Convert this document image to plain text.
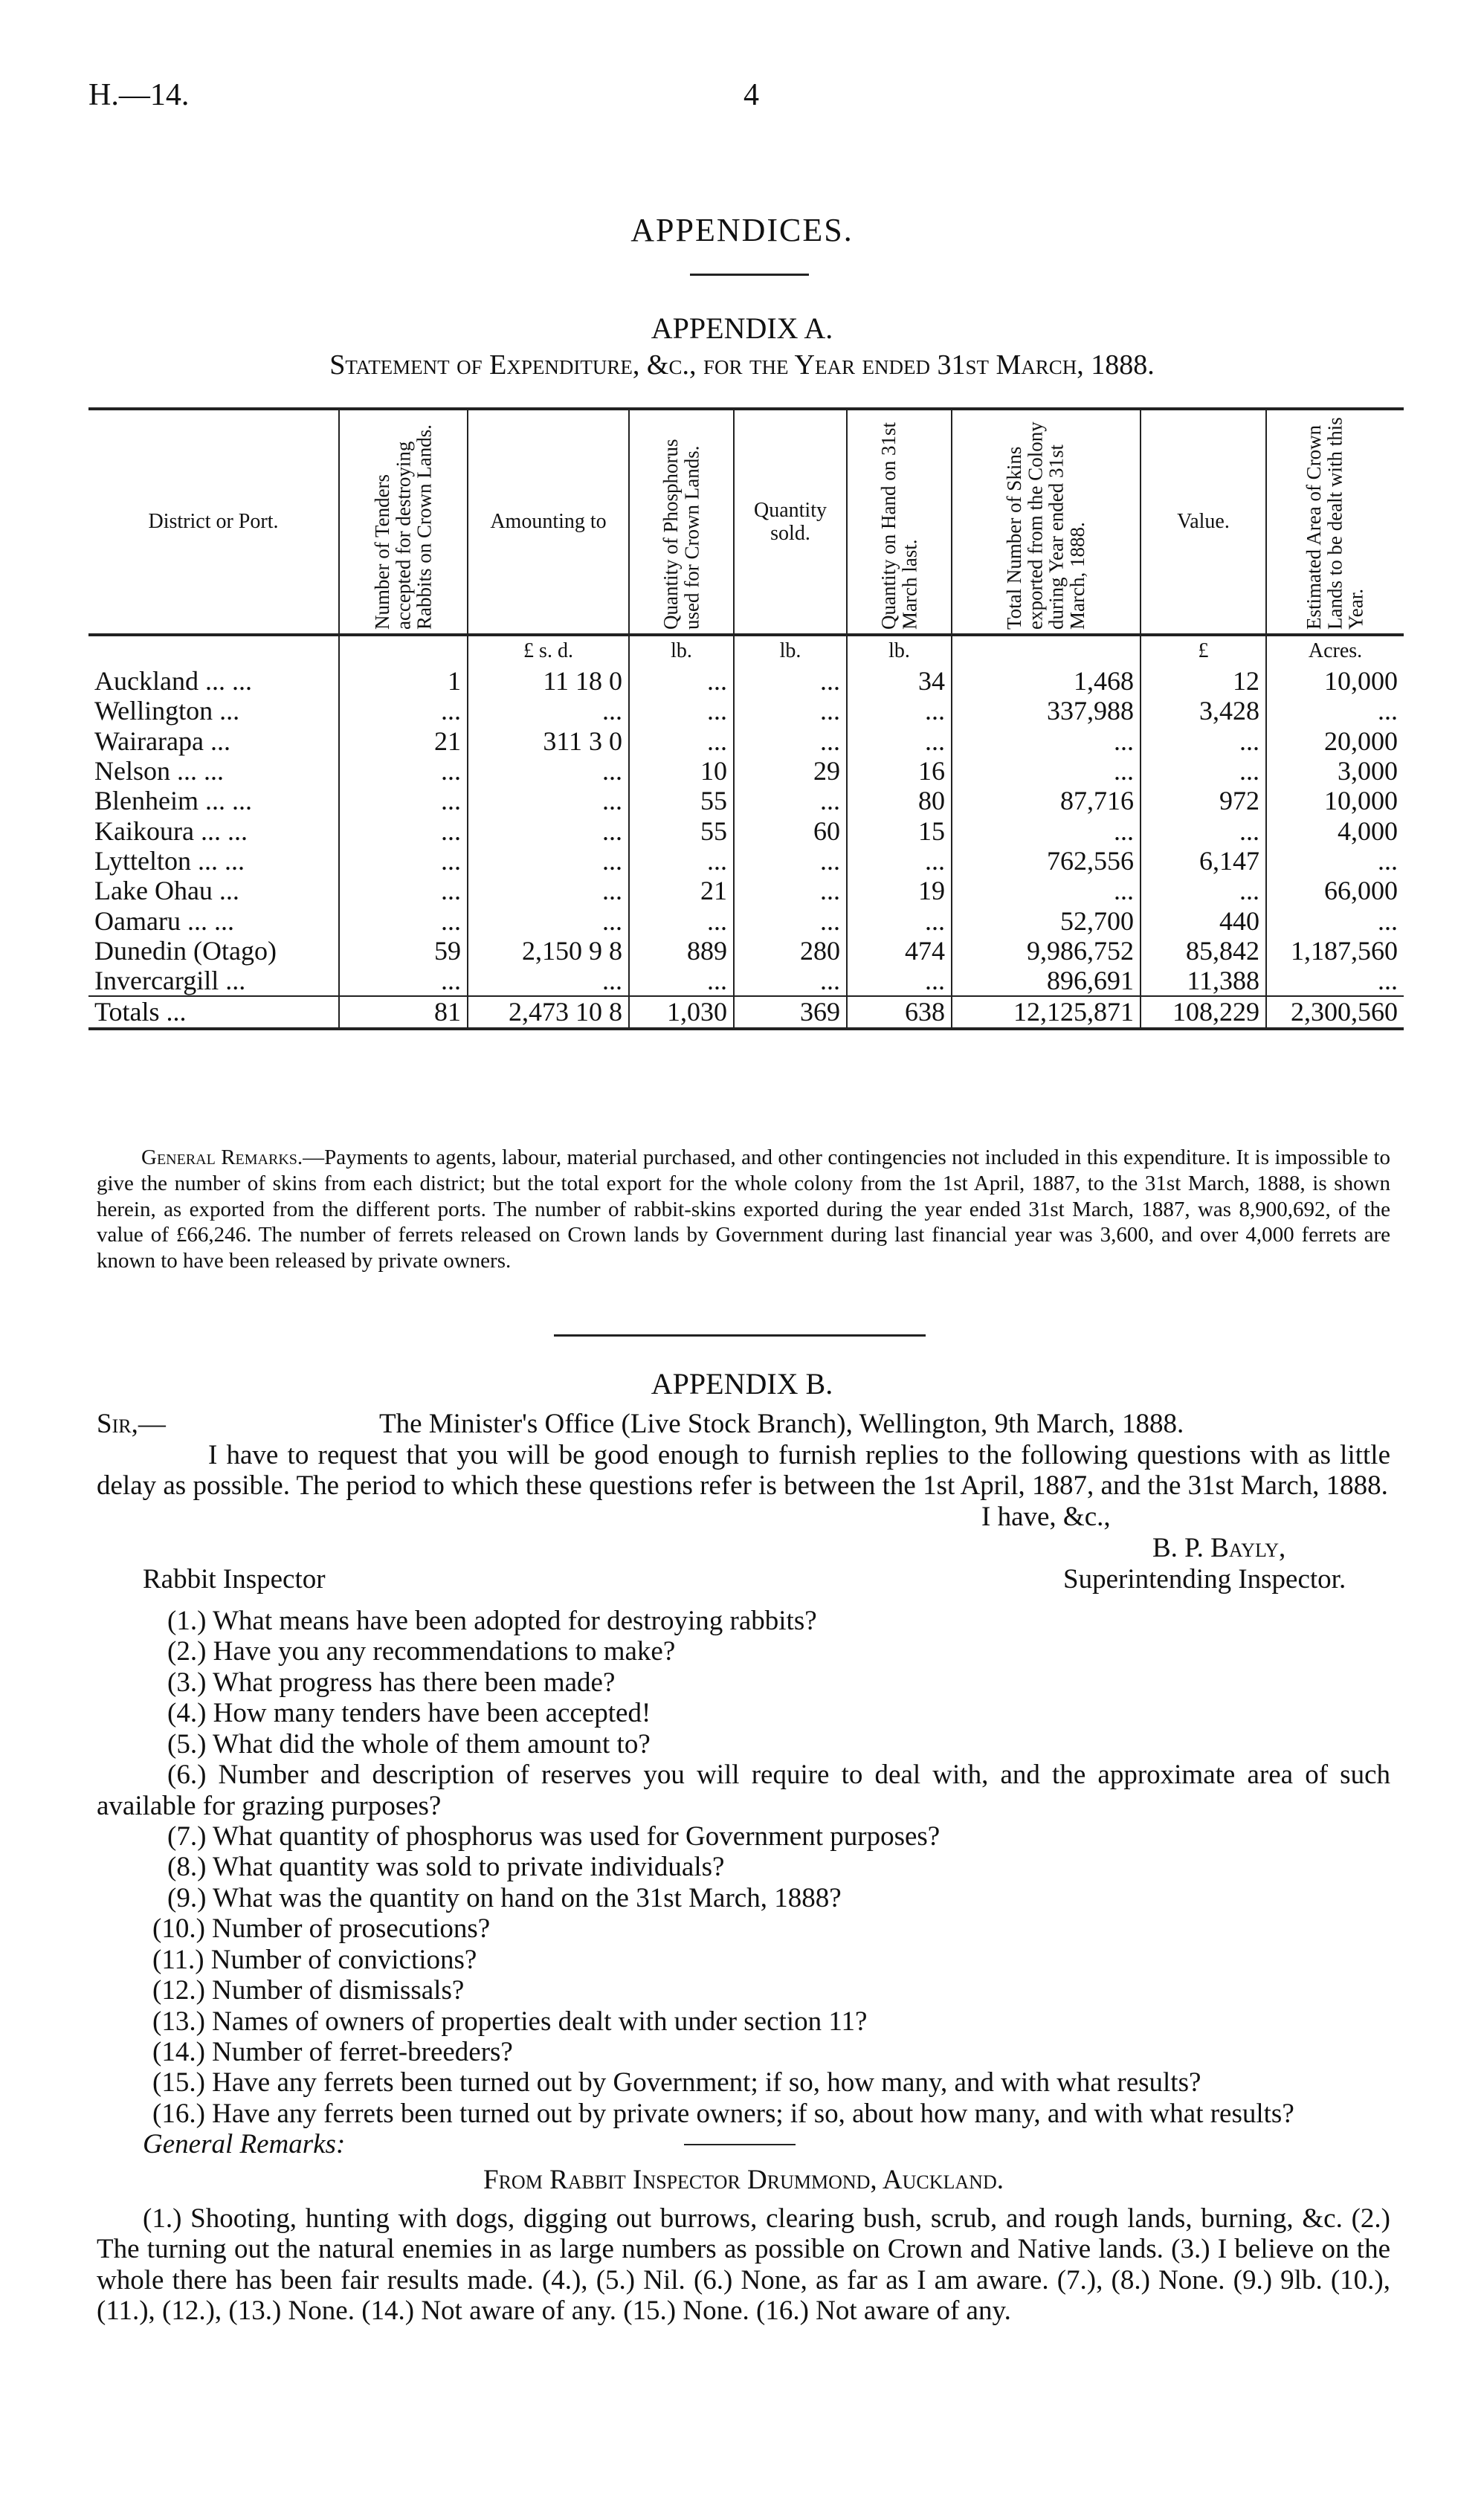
H.—14.	4
APPENDICES.
APPENDIX A.
Statement of Expenditure, &c., for the Year ended 31st March, 1888.
District or Port.	Number of Tenders accepted for destroying Rabbits on Crown Lands.	Amounting to	Quantity of Phosphorus used for Crown Lands.	Quantity sold.	Quantity on Hand on 31st March last.	Total Number of Skins exported from the Colony during Year ended 31st March, 1888.	Value.	Estimated Area of Crown Lands to be dealt with this Year.

		£ s. d.	lb.	lb.	lb.		£	Acres.
Auckland ... ...	1	11 18 0	...	...	34	1,468	12	10,000
Wellington ...	...	...	...	...	...	337,988	3,428	...
Wairarapa ...	21	311 3 0	...	...	...	...	...	20,000
Nelson ... ...	...	...	10	29	16	...	...	3,000
Blenheim ... ...	...	...	55	...	80	87,716	972	10,000
Kaikoura ... ...	...	...	55	60	15	...	...	4,000
Lyttelton ... ...	...	...	...	...	...	762,556	6,147	...
Lake Ohau ...	...	...	21	...	19	...	...	66,000
Oamaru ... ...	...	...	...	...	...	52,700	440	...
Dunedin (Otago)	59	2,150 9 8	889	280	474	9,986,752	85,842	1,187,560
Invercargill ...	...	...	...	...	...	896,691	11,388	...
Totals ...	81	2,473 10 8	1,030	369	638	12,125,871	108,229	2,300,560
General Remarks.—Payments to agents, labour, material purchased, and other contingencies not included in this expenditure. It is impossible to give the number of skins from each district; but the total export for the whole colony from the 1st April, 1887, to the 31st March, 1888, is shown herein, as exported from the different ports. The number of rabbit-skins exported during the year ended 31st March, 1887, was 8,900,692, of the value of £66,246. The number of ferrets released on Crown lands by Government during last financial year was 3,600, and over 4,000 ferrets are known to have been released by private owners.
APPENDIX B.
Sir,—	The Minister's Office (Live Stock Branch), Wellington, 9th March, 1888.
I have to request that you will be good enough to furnish replies to the following questions with as little delay as possible. The period to which these questions refer is between the 1st April, 1887, and the 31st March, 1888.
I have, &c.,
B. P. Bayly,
Rabbit Inspector	Superintending Inspector.

(1.) What means have been adopted for destroying rabbits?

(2.) Have you any recommendations to make?

(3.) What progress has there been made?

(4.) How many tenders have been accepted!

(5.) What did the whole of them amount to?

(6.) Number and description of reserves you will require to deal with, and the approximate area of such available for grazing purposes?

(7.) What quantity of phosphorus was used for Government purposes?

(8.) What quantity was sold to private individuals?

(9.) What was the quantity on hand on the 31st March, 1888?

(10.) Number of prosecutions?

(11.) Number of convictions?

(12.) Number of dismissals?

(13.) Names of owners of properties dealt with under section 11?

(14.) Number of ferret-breeders?

(15.) Have any ferrets been turned out by Government; if so, how many, and with what results?

(16.) Have any ferrets been turned out by private owners; if so, about how many, and with what results?

General Remarks:
From Rabbit Inspector Drummond, Auckland.
(1.) Shooting, hunting with dogs, digging out burrows, clearing bush, scrub, and rough lands, burning, &c. (2.) The turning out the natural enemies in as large numbers as possible on Crown and Native lands. (3.) I believe on the whole there has been fair results made. (4.), (5.) Nil. (6.) None, as far as I am aware. (7.), (8.) None. (9.) 9lb. (10.), (11.), (12.), (13.) None. (14.) Not aware of any. (15.) None. (16.) Not aware of any.
